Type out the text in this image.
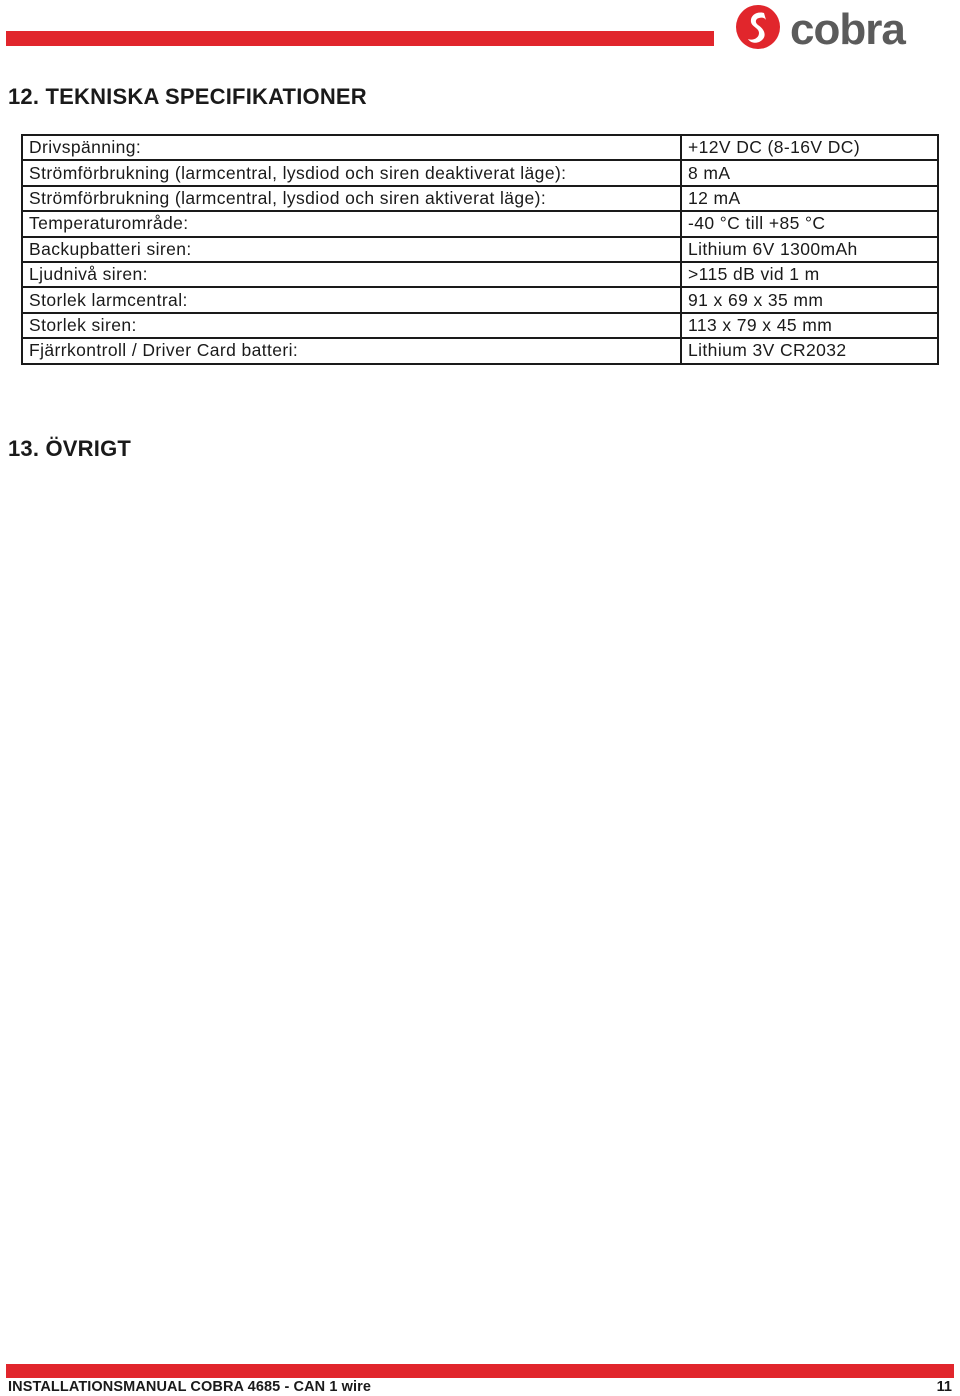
cobra
12. TEKNISKA SPECIFIKATIONER
Drivspänning:	+12V DC (8-16V DC)
Strömförbrukning (larmcentral, lysdiod och siren deaktiverat läge):	8 mA
Strömförbrukning (larmcentral, lysdiod och siren aktiverat läge):	12 mA
Temperaturområde:	-40 °C till +85 °C
Backupbatteri siren:	Lithium 6V 1300mAh
Ljudnivå siren:	>115 dB vid 1 m
Storlek larmcentral:	91 x 69 x 35 mm
Storlek siren:	113 x 79 x 45 mm
Fjärrkontroll / Driver Card batteri:	Lithium 3V CR2032
13. ÖVRIGT
INSTALLATIONSMANUAL COBRA 4685 - CAN 1 wire	11
